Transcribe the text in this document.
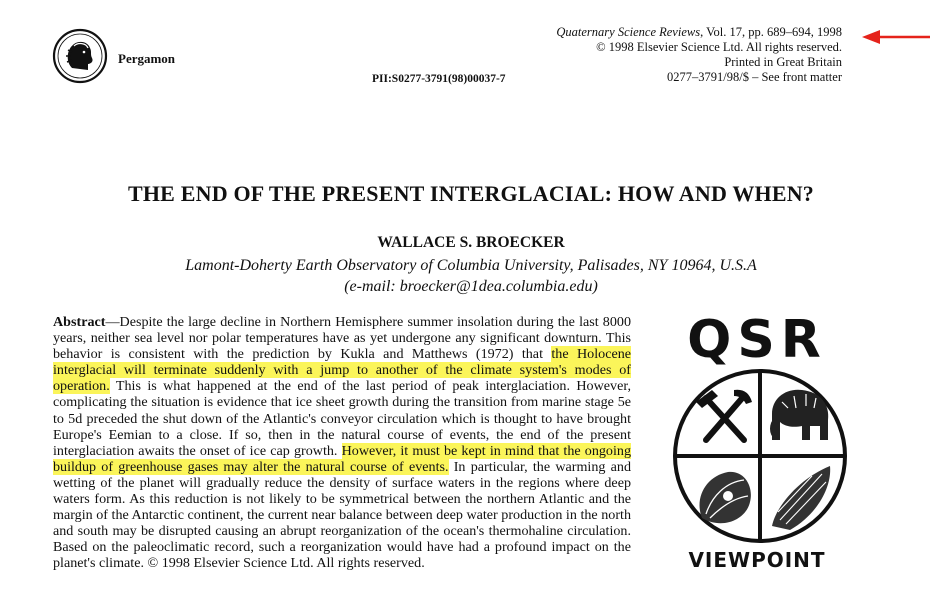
Pergamon
PII:S0277-3791(98)00037-7
Quaternary Science Reviews, Vol. 17, pp. 689–694, 1998
© 1998 Elsevier Science Ltd. All rights reserved.
Printed in Great Britain
0277–3791/98/$ – See front matter
THE END OF THE PRESENT INTERGLACIAL: HOW AND WHEN?
WALLACE S. BROECKER
Lamont-Doherty Earth Observatory of Columbia University, Palisades, NY 10964, U.S.A
(e-mail: broecker@1dea.columbia.edu)
Abstract—Despite the large decline in Northern Hemisphere summer insolation during the last 8000 years, neither sea level nor polar temperatures have as yet undergone any significant downturn. This behavior is consistent with the prediction by Kukla and Matthews (1972) that the Holocene interglacial will terminate suddenly with a jump to another of the climate system's modes of operation. This is what happened at the end of the last period of peak interglaciation. However, complicating the situation is evidence that ice sheet growth during the transition from marine stage 5e to 5d preceded the shut down of the Atlantic's conveyor circulation which is thought to have brought Europe's Eemian to a close. If so, then in the natural course of events, the end of the present interglaciation awaits the onset of ice cap growth. However, it must be kept in mind that the ongoing buildup of greenhouse gases may alter the natural course of events. In particular, the warming and wetting of the planet will gradually reduce the density of surface waters in the regions where deep waters form. As this reduction is not likely to be symmetrical between the northern Atlantic and the margin of the Antarctic continent, the current near balance between deep water production in the north and south may be disrupted causing an abrupt reorganization of the ocean's thermohaline circulation. Based on the paleoclimatic record, such a reorganization would have had a profound impact on the planet's climate. © 1998 Elsevier Science Ltd. All rights reserved.
QSR
VIEWPOINT
